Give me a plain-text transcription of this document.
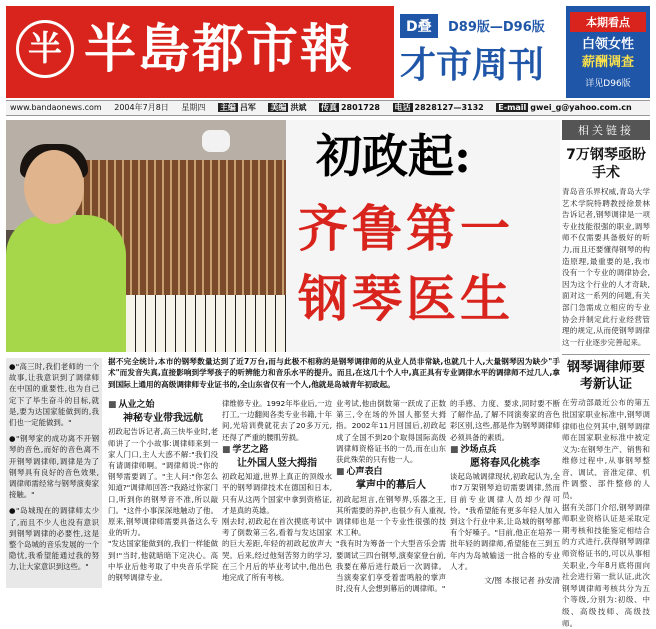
半 半島都市報	D叠	D89版—D96版
才市周刊
本期看点
白领女性
薪酬调查
详见D96版
www.bandaonews.com 2004年7月8日 星期四 主编 吕军 美编 洪斌 传真 2801728 电话 2828127—3132 E-mail gwei_g@yahoo.com.cn
初政起:
齐鲁第一
钢琴医生
相关链接
7万钢琴亟盼手术
青岛音乐界权威,青岛大学艺术学院特聘教授徐景林告诉记者,钢琴调律是一项专业技能很强的职业,调琴师不仅需要具备极好的听力,而且还要懂得钢琴的构造原理,最重要的是,我市没有一个专业的调律协会,因为这个行业的人才奇缺,面对这一系列的问题,有关部门急需成立相应的专业协会并制定此行业经营管理的规定,从而使钢琴调律这一行业逐步完善起来。
钢琴调律师要考新认证
在劳动部最近公布的第五批国家职业标准中,钢琴调律师也位列其中,钢琴调律师在国家职业标准中被定义为:在钢琴生产、销售和维修过程中,从事钢琴整音、调试、音准定律、机件调整、部件整修的人员。
据有关部门介绍,钢琴调律师职业资格认证是采取定期考核和技能鉴定相结合的方式进行,获得钢琴调律师资格证书的,可以从事相关职业,今年8月底将面向社会进行第一批认证,此次钢琴调律师考核共分为五个等级,分别为:初级、中级、高级技师、高级技师。
●"高三时,我们老师的一个故事,让我意识到了调律师在中国的重要性,也为自己定下了毕生奋斗的目标,就是,要为达国家能做到的,我们也一定能做到。"
●"钢琴家的成功离不开钢琴的音色,而好的音色离不开钢琴调律师,调律是为了钢琴具有良好的音色效果,调律师需经常与钢琴演奏家接触。"
●"岛城现在的调律师太少了,而且不少人也没有意识到钢琴调律的必要性,这是整个岛城的音乐发展的一个隐忧,我希望能通过我的努力,让大家意识到这些。"
据不完全统计,本市的钢琴数量达到了近7万台,而与此极不相称的是钢琴调律师的从业人员非常缺,也就几十人,大量钢琴因为缺少"手术"而发音失真,直接影响到学琴孩子的听辨能力和音乐水平的提升。而且,在这几十个人中,真正具有专业调律水平的调律师不过几人,拿到国际上通用的高级调律师专业证书的,全山东省仅有一个人,他就是岛城青年初政起。
■ 从业之始
神秘专业带我远航
初政起告诉记者,高三快毕业时,老师讲了一个小故事:调律师来到一家人门口,主人大惑不解:"我们没有请调律师啊。"调律师说:"你的钢琴需要调了。"主人问:"你怎么知道?"调律师回答:"我路过你家门口,听到你的钢琴音不准,所以敲门。"这件小事深深地触动了他。原来,钢琴调律师需要具备这么专业的听力。
"发达国家能做到的,我们一样能做到!"当时,他就暗暗下定决心。高中毕业后他考取了中央音乐学院的钢琴调律专业。
律维修专业。1992年毕业后,一边打工,一边翻阅各类专业书籍,十年间,光培训费就花去了20多万元,还得了严重的腰肌劳损。
■ 学艺之路
让外国人竖大拇指
初政起知道,世界上真正的顶级水平的钢琴调律技术在德国和日本,只有从这两个国家中拿到资格证,才是真的英雄。
刚去时,初政起在首次摸底考试中考了倒数第三名,看着与发达国家的巨大差距,年轻的初政起放声大哭。后来,经过他刻苦努力的学习,在三个月后的毕业考试中,他出色地完成了所有考核。
业考试,他由倒数第一跃成了正数第三,令在场的外国人都竖大拇指。2002年11月回国后,初政起成了全国不到20个取得国际高级调律师资格证书的一员,而在山东获此殊荣的只有他一人。
■ 心声表白
掌声中的幕后人
初政起坦言,在钢琴界,乐器之王,其所需要的养护,也很少有人重视,调律师也是一个专业性很强的技术工种。
"我有时为筹备一个大型音乐会需要调试三四台钢琴,演奏家登台前,我要在幕后进行最后一次调律。当演奏家们享受着雷鸣般的掌声时,没有人会想到幕后的调律师。"
的手感、力度、要求,同时要不断了解作品,了解不同演奏家的音色彩区别,这些,都是作为钢琴调律师必须具备的素质。
■ 沙场点兵
愿将春风化桃李
谈起岛城调律现状,初政起认为,全市7万架钢琴迫切需要调律,然而目前专业调律人员却少得可怜。"我希望能有更多年轻人加入到这个行业中来,让岛城的钢琴都有个好嗓子。"目前,他正在培养一批年轻的调律师,希望能在三到五年内为岛城输送一批合格的专业人才。
文/图 本报记者 孙安清
